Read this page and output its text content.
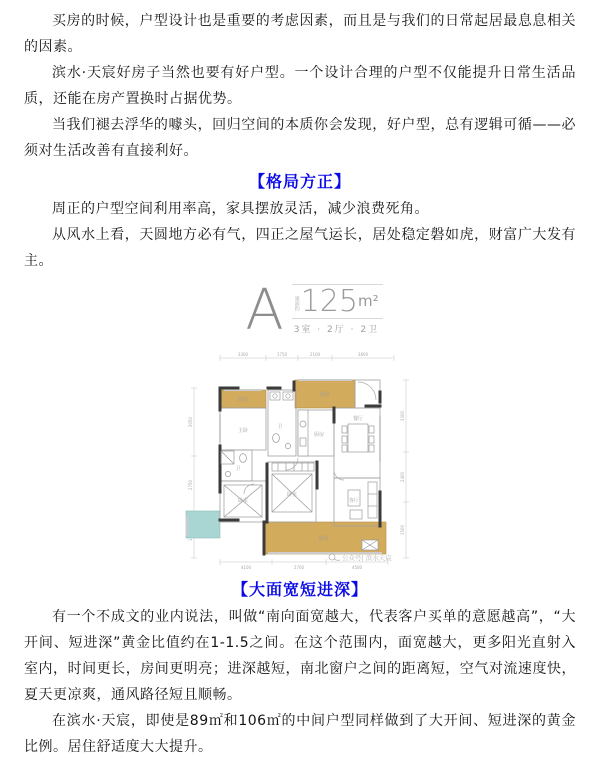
买房的时候，户型设计也是重要的考虑因素，而且是与我们的日常起居最息息相关的因素。

滨水·天宸好房子当然也要有好户型。一个设计合理的户型不仅能提升日常生活品质，还能在房产置换时占据优势。

当我们褪去浮华的噱头，回归空间的本质你会发现，好户型，总有逻辑可循——必须对生活改善有直接利好。

【格局方正】

周正的户型空间利用率高，家具摆放灵活，减少浪费死角。

从风水上看，天圆地方必有气，四正之屋气运长，居处稳定磐如虎，财富广大发有主。

A 建面约 125 m²
3室 · 2厅 · 2卫
3300	1750	2100	3600
4100	2700	4500
3050
2750
3300
2400
1500
阳台
主卧
卫
卫
厨房
阳台
餐厅
客厅
卧室
卧室
阳台
公众号| 滨水天宸
【大面宽短进深】

有一个不成文的业内说法，叫做“南向面宽越大，代表客户买单的意愿越高”，“大开间、短进深”黄金比值约在1-1.5之间。在这个范围内，面宽越大，更多阳光直射入室内，时间更长，房间更明亮；进深越短，南北窗户之间的距离短，空气对流速度快，夏天更凉爽，通风路径短且顺畅。

在滨水·天宸，即使是89㎡和106㎡的中间户型同样做到了大开间、短进深的黄金比例。居住舒适度大大提升。
